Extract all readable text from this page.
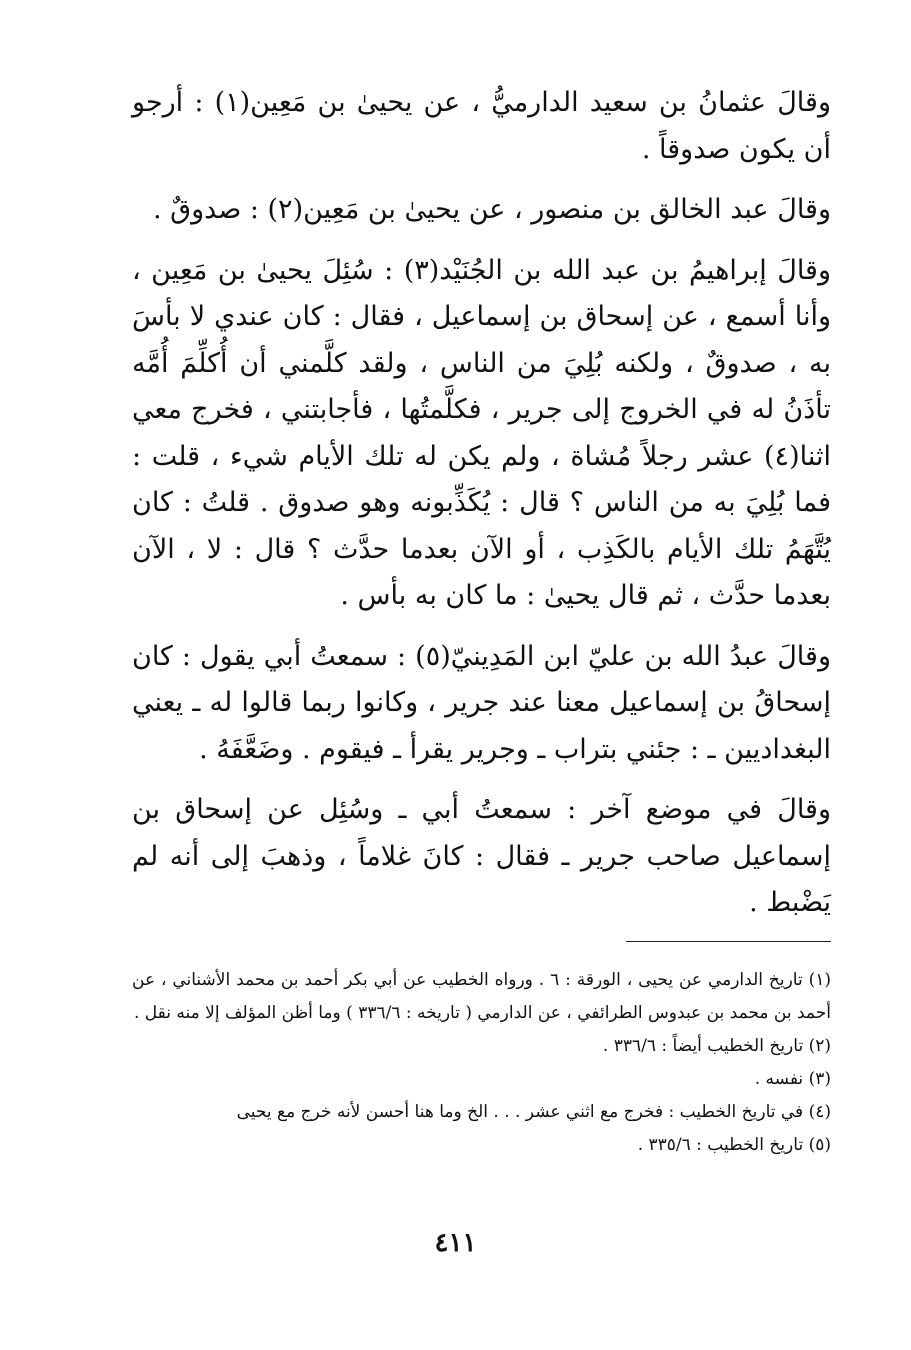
وقالَ عثمانُ بن سعيد الدارميُّ ، عن يحيىٰ بن مَعِين(١) : أرجو أن يكون صدوقاً .

وقالَ عبد الخالق بن منصور ، عن يحيىٰ بن مَعِين(٢) : صدوقٌ .

وقالَ إبراهيمُ بن عبد الله بن الجُنَيْد(٣) : سُئِلَ يحيىٰ بن مَعِين ، وأنا أسمع ، عن إسحاق بن إسماعيل ، فقال : كان عندي لا بأسَ به ، صدوقٌ ، ولكنه بُلِيَ من الناس ، ولقد كلَّمني أن أُكلِّمَ أُمَّه تأذَنُ له في الخروج إلى جرير ، فكلَّمتُها ، فأجابتني ، فخرج معي اثنا(٤) عشر رجلاً مُشاة ، ولم يكن له تلك الأيام شيء ، قلت : فما بُلِيَ به من الناس ؟ قال : يُكَذِّبونه وهو صدوق . قلتُ : كان يُتَّهَمُ تلك الأيام بالكَذِب ، أو الآن بعدما حدَّث ؟ قال : لا ، الآن بعدما حدَّث ، ثم قال يحيىٰ : ما كان به بأس .

وقالَ عبدُ الله بن عليّ ابن المَدِينيّ(٥) : سمعتُ أبي يقول : كان إسحاقُ بن إسماعيل معنا عند جرير ، وكانوا ربما قالوا له ـ يعني البغداديين ـ : جئني بتراب ـ وجرير يقرأ ـ فيقوم . وضَعَّفَهُ .

وقالَ في موضع آخر : سمعتُ أبي ـ وسُئِل عن إسحاق بن إسماعيل صاحب جرير ـ فقال : كانَ غلاماً ، وذهبَ إلى أنه لم يَضْبط .

(١) تاريخ الدارمي عن يحيى ، الورقة : ٦ . ورواه الخطيب عن أبي بكر أحمد بن محمد الأشناني ، عن أحمد بن محمد بن عبدوس الطرائفي ، عن الدارمي ( تاريخه : ٣٣٦/٦ ) وما أظن المؤلف إلا منه نقل .

(٢) تاريخ الخطيب أيضاً : ٣٣٦/٦ .

(٣) نفسه .

(٤) في تاريخ الخطيب : فخرج مع اثني عشر . . . الخ وما هنا أحسن لأنه خرج مع يحيى

(٥) تاريخ الخطيب : ٣٣٥/٦ .

٤١١
